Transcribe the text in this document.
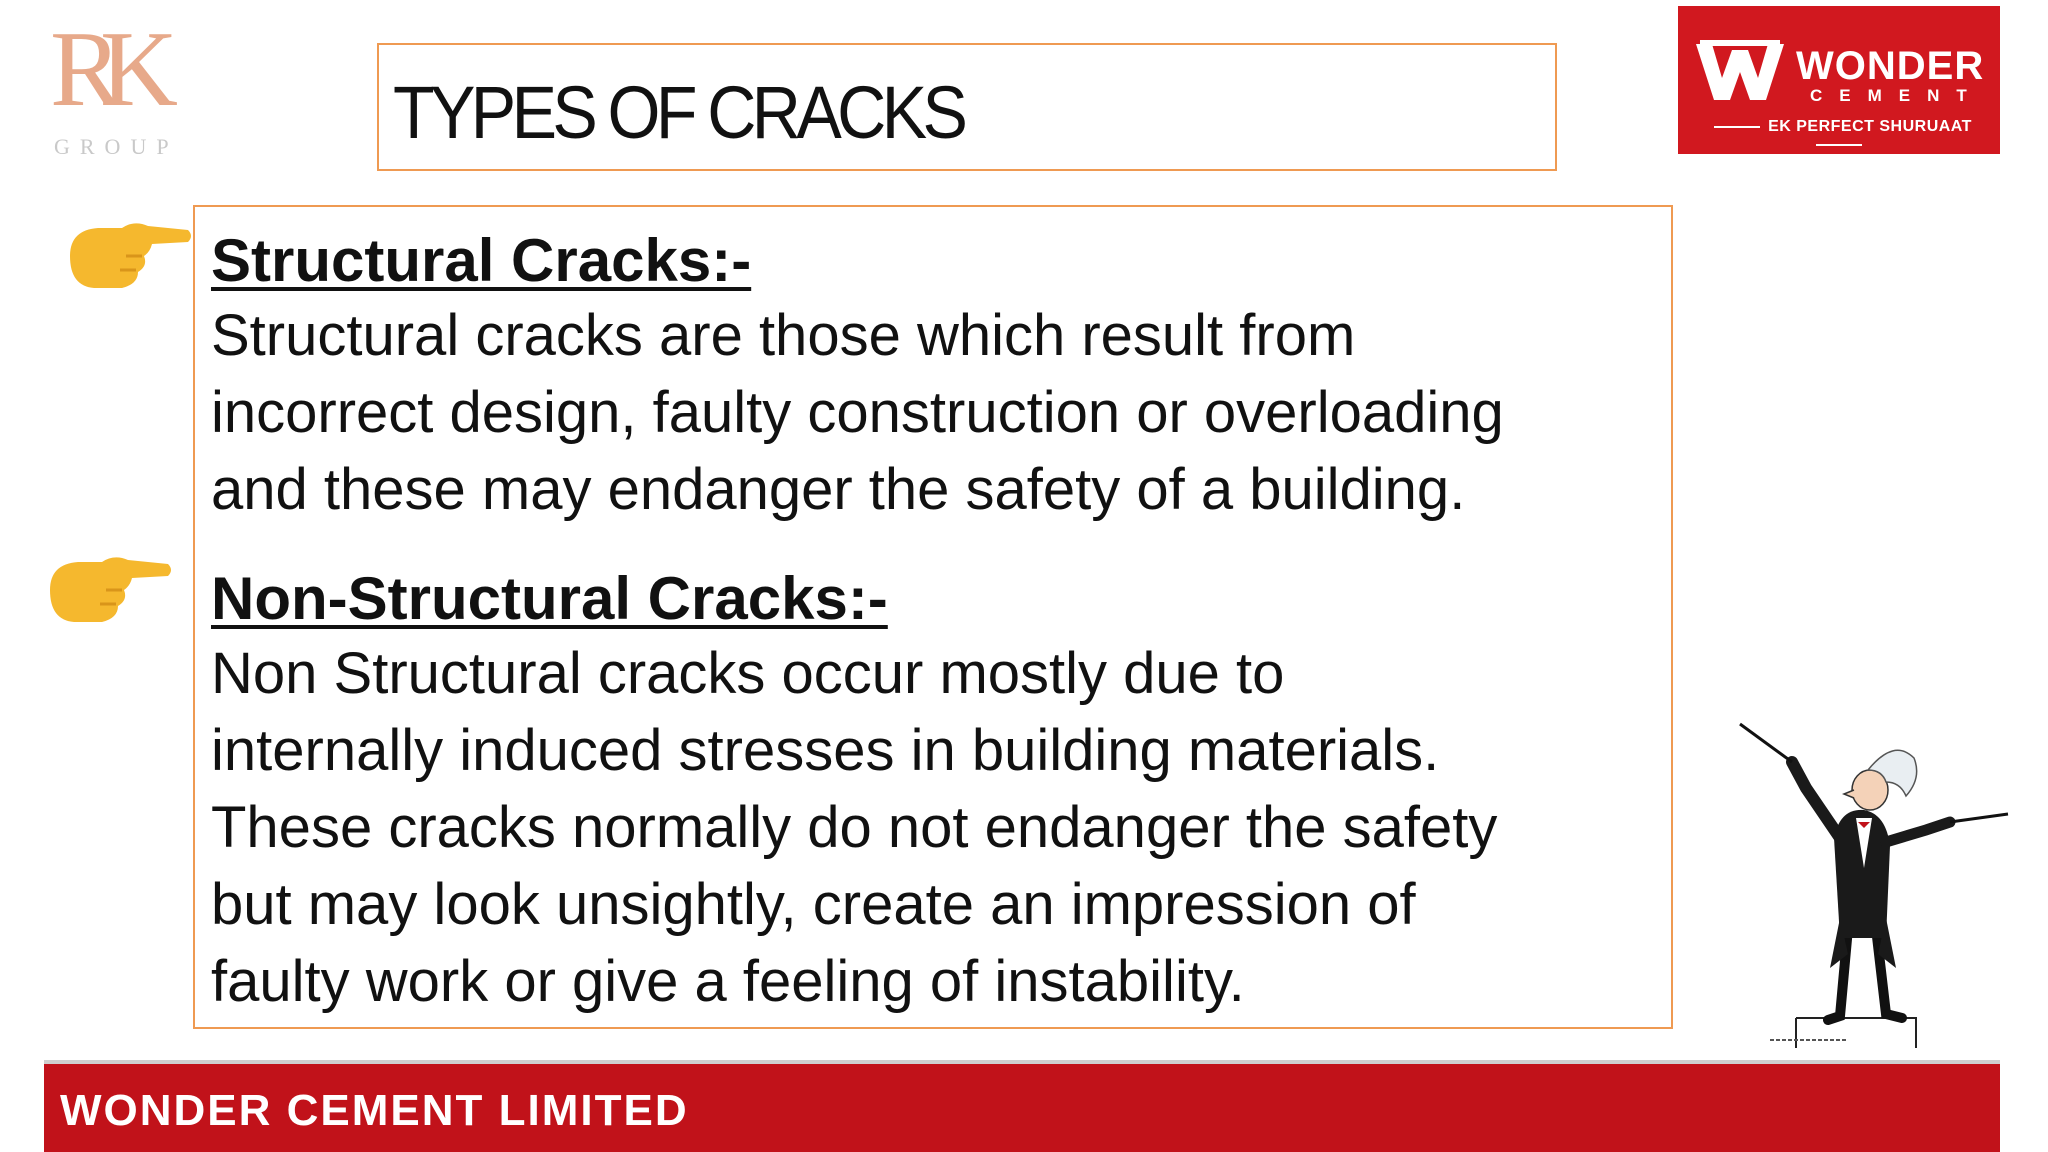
RK
GROUP	TYPES OF CRACKS
WONDER
CEMENT
EK PERFECT SHURUAAT
Structural Cracks:-
Structural cracks are those which result from
incorrect design, faulty construction or overloading
and these may endanger the safety of a building.
Non-Structural Cracks:-
Non Structural cracks occur mostly due to
internally induced stresses in building materials.
These cracks normally do not endanger the safety
but may look unsightly, create an impression of
faulty work or give a feeling of instability.
WONDER CEMENT LIMITED
